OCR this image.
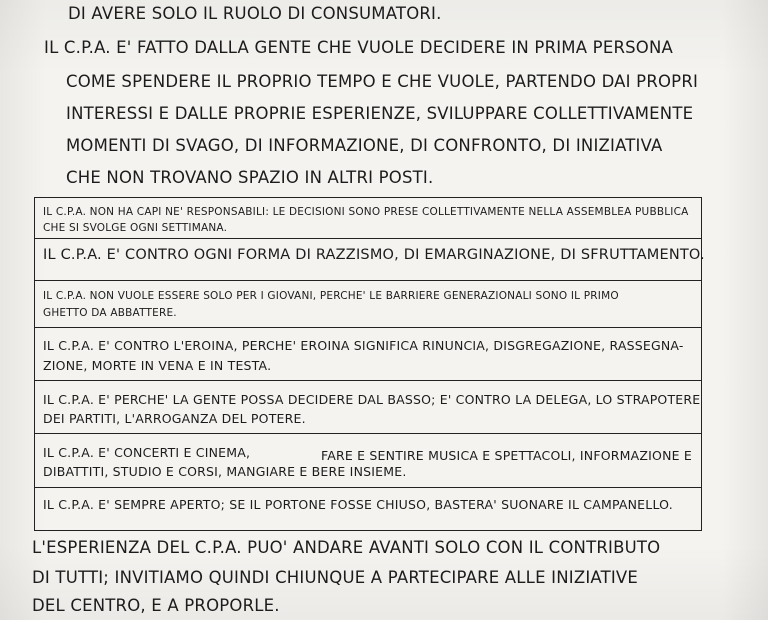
DI AVERE SOLO IL RUOLO DI CONSUMATORI.
IL C.P.A. E' FATTO DALLA GENTE CHE VUOLE DECIDERE IN PRIMA PERSONA
COME SPENDERE IL PROPRIO TEMPO E CHE VUOLE, PARTENDO DAI PROPRI
INTERESSI E DALLE PROPRIE ESPERIENZE, SVILUPPARE COLLETTIVAMENTE
MOMENTI DI SVAGO, DI INFORMAZIONE, DI CONFRONTO, DI INIZIATIVA
CHE NON TROVANO SPAZIO IN ALTRI POSTI.
IL C.P.A. NON HA CAPI NE' RESPONSABILI: LE DECISIONI SONO PRESE COLLETTIVAMENTE NELLA ASSEMBLEA PUBBLICA
CHE SI SVOLGE OGNI SETTIMANA.
IL C.P.A. E' CONTRO OGNI FORMA DI RAZZISMO, DI EMARGINAZIONE, DI SFRUTTAMENTO.
IL C.P.A. NON VUOLE ESSERE SOLO PER I GIOVANI, PERCHE' LE BARRIERE GENERAZIONALI SONO IL PRIMO
GHETTO DA ABBATTERE.
IL C.P.A. E' CONTRO L'EROINA, PERCHE' EROINA SIGNIFICA RINUNCIA, DISGREGAZIONE, RASSEGNA-
ZIONE, MORTE IN VENA E IN TESTA.
IL C.P.A. E' PERCHE' LA GENTE POSSA DECIDERE DAL BASSO; E' CONTRO LA DELEGA, LO STRAPOTERE
DEI PARTITI, L'ARROGANZA DEL POTERE.
IL C.P.A. E' CONCERTI E CINEMA,	FARE E SENTIRE MUSICA E SPETTACOLI, INFORMAZIONE E
DIBATTITI, STUDIO E CORSI, MANGIARE E BERE INSIEME.
IL C.P.A. E' SEMPRE APERTO; SE IL PORTONE FOSSE CHIUSO, BASTERA' SUONARE IL CAMPANELLO.
L'ESPERIENZA DEL C.P.A. PUO' ANDARE AVANTI SOLO CON IL CONTRIBUTO
DI TUTTI; INVITIAMO QUINDI CHIUNQUE A PARTECIPARE ALLE INIZIATIVE
DEL CENTRO, E A PROPORLE.
